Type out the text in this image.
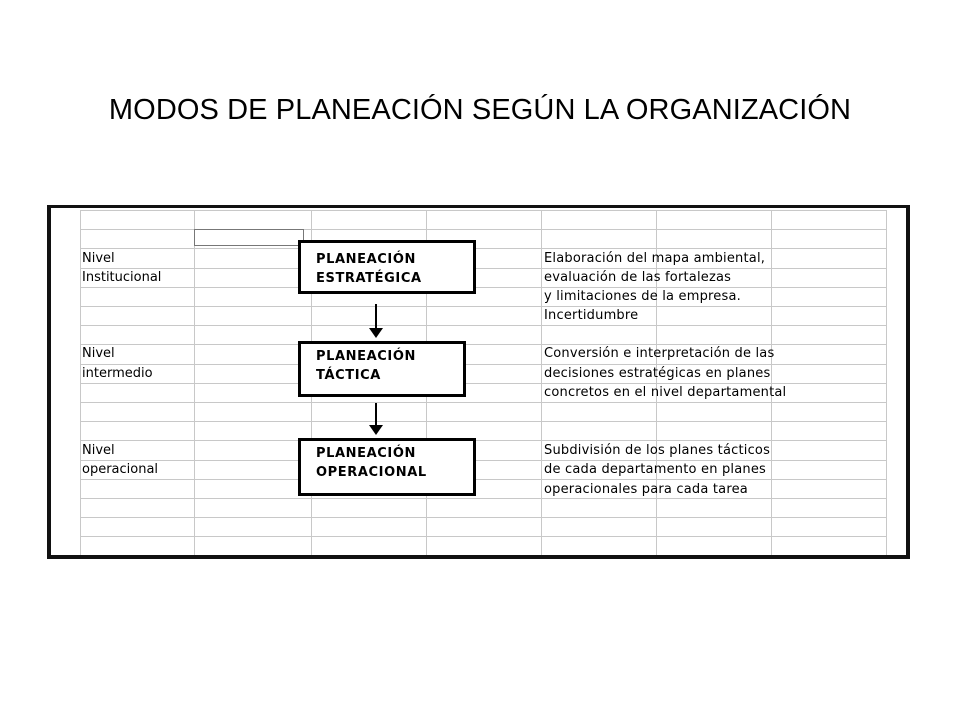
MODOS DE PLANEACIÓN SEGÚN LA ORGANIZACIÓN
Nivel
Institucional
PLANEACIÓN
ESTRATÉGICA
Elaboración del mapa ambiental,
evaluación de las fortalezas
y limitaciones de la empresa.
Incertidumbre
Nivel
intermedio
PLANEACIÓN
TÁCTICA
Conversión e interpretación de las
decisiones estratégicas en planes
concretos en el nivel departamental
Nivel
operacional
PLANEACIÓN
OPERACIONAL
Subdivisión de los planes tácticos
de cada departamento en planes
operacionales para cada tarea
